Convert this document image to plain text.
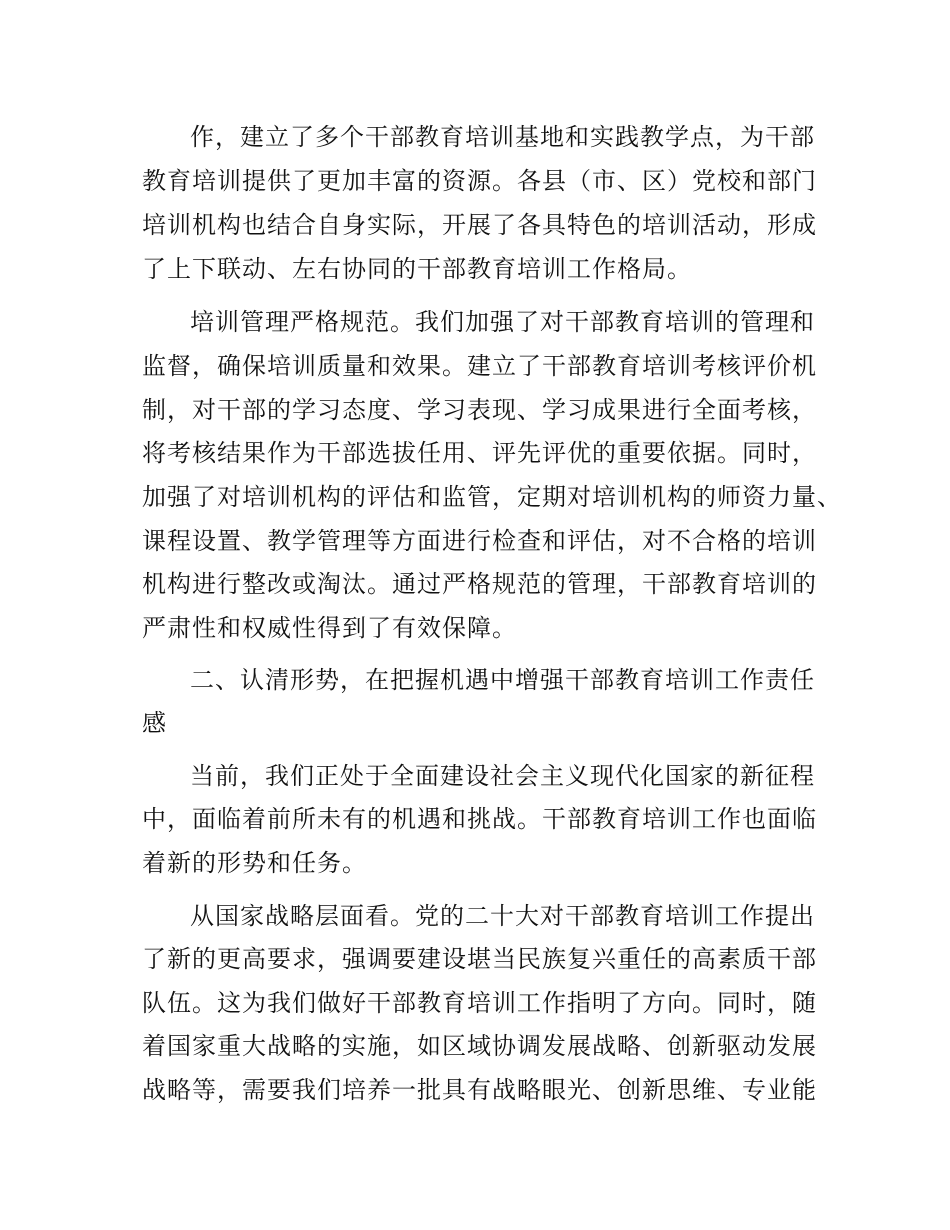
作，建立了多个干部教育培训基地和实践教学点，为干部
教育培训提供了更加丰富的资源。各县（市、区）党校和部门
培训机构也结合自身实际，开展了各具特色的培训活动，形成
了上下联动、左右协同的干部教育培训工作格局。
培训管理严格规范。我们加强了对干部教育培训的管理和
监督，确保培训质量和效果。建立了干部教育培训考核评价机
制，对干部的学习态度、学习表现、学习成果进行全面考核，
将考核结果作为干部选拔任用、评先评优的重要依据。同时，
加强了对培训机构的评估和监管，定期对培训机构的师资力量、
课程设置、教学管理等方面进行检查和评估，对不合格的培训
机构进行整改或淘汰。通过严格规范的管理，干部教育培训的
严肃性和权威性得到了有效保障。
二、认清形势，在把握机遇中增强干部教育培训工作责任
感
当前，我们正处于全面建设社会主义现代化国家的新征程
中，面临着前所未有的机遇和挑战。干部教育培训工作也面临
着新的形势和任务。
从国家战略层面看。党的二十大对干部教育培训工作提出
了新的更高要求，强调要建设堪当民族复兴重任的高素质干部
队伍。这为我们做好干部教育培训工作指明了方向。同时，随
着国家重大战略的实施，如区域协调发展战略、创新驱动发展
战略等，需要我们培养一批具有战略眼光、创新思维、专业能
